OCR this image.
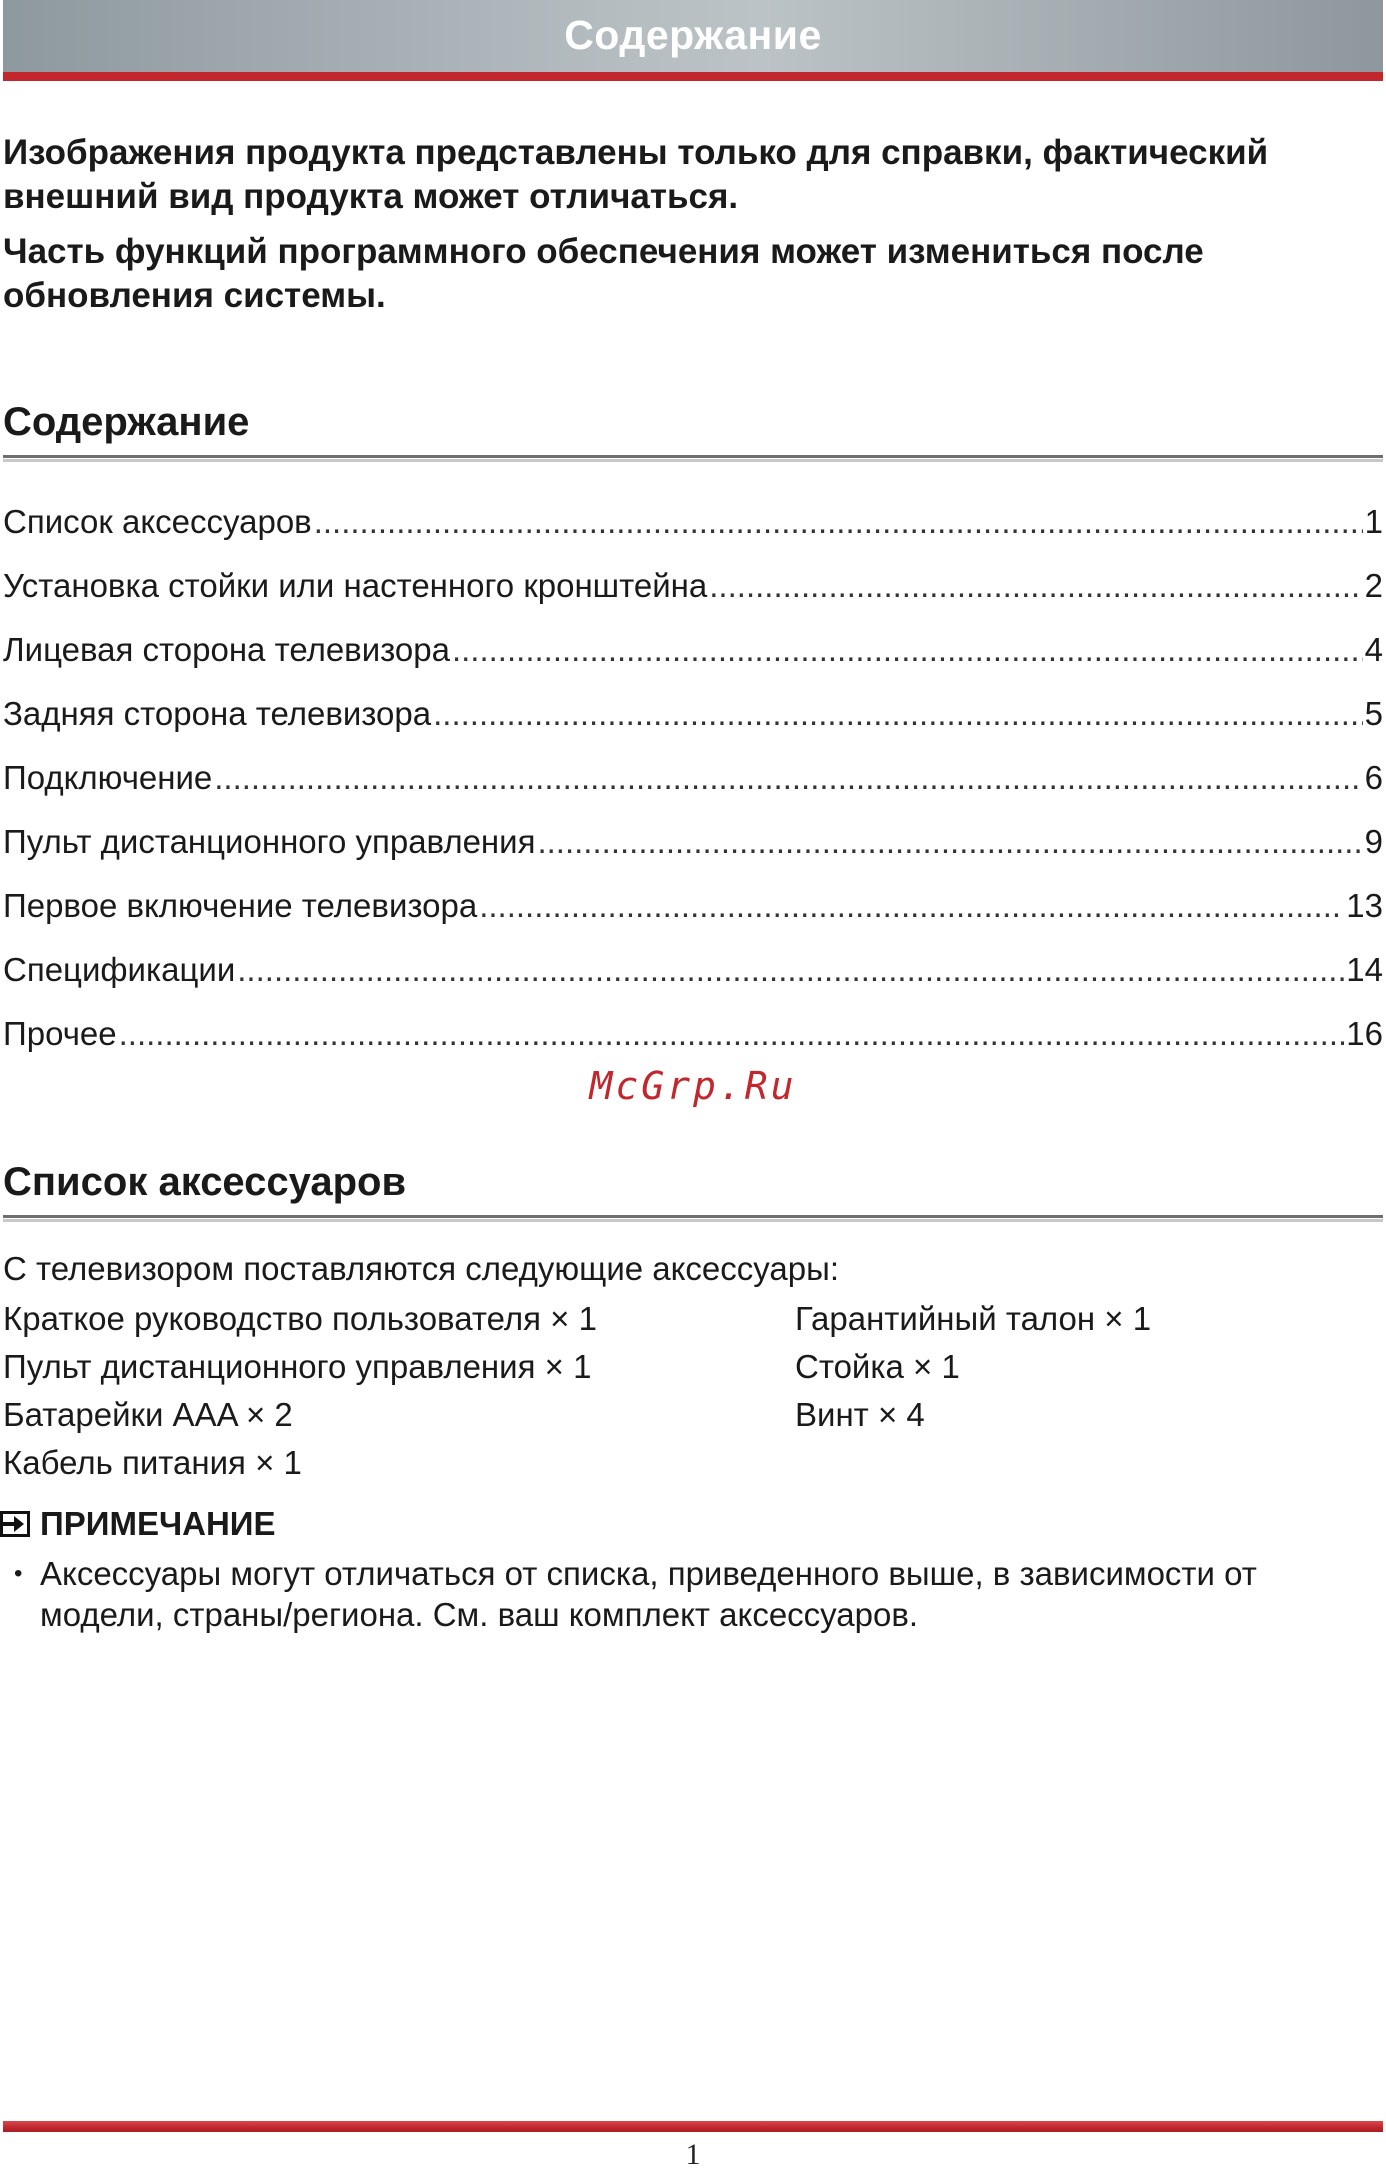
Содержание

Изображения продукта представлены только для справки, фактический внешний вид продукта может отличаться.

Часть функций программного обеспечения может измениться после обновления системы.

Содержание
Список аксессуаров .....	1
Установка стойки или настенного кронштейна .....	2
Лицевая сторона телевизора .....	4
Задняя сторона телевизора .....	5
Подключение .....	6
Пульт дистанционного управления .....	9
Первое включение телевизора .....	13
Спецификации .....	14
Прочее .....	16
McGrp.Ru
Список аксессуаров
С телевизором поставляются следующие аксессуары:
Краткое руководство пользователя × 1
Пульт дистанционного управления × 1
Батарейки AAA × 2
Кабель питания × 1
Гарантийный талон × 1
Стойка × 1
Винт × 4
ПРИМЕЧАНИЕ
• Аксессуары могут отличаться от списка, приведенного выше, в зависимости от модели, страны/региона. См. ваш комплект аксессуаров.
1
